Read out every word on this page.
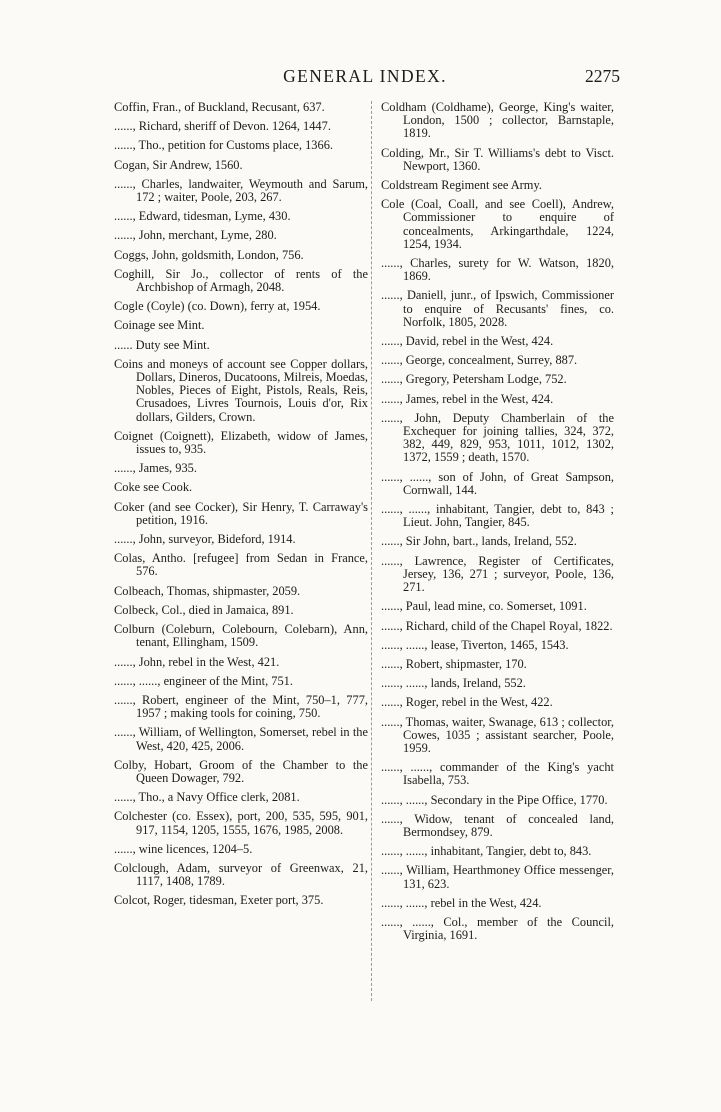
GENERAL INDEX.	2275

Coffin, Fran., of Buckland, Recusant, 637.

......, Richard, sheriff of Devon. 1264, 1447.

......, Tho., petition for Customs place, 1366.

Cogan, Sir Andrew, 1560.

......, Charles, landwaiter, Weymouth and Sarum, 172 ; waiter, Poole, 203, 267.

......, Edward, tidesman, Lyme, 430.

......, John, merchant, Lyme, 280.

Coggs, John, goldsmith, London, 756.

Coghill, Sir Jo., collector of rents of the Archbishop of Armagh, 2048.

Cogle (Coyle) (co. Down), ferry at, 1954.

Coinage see Mint.

...... Duty see Mint.

Coins and moneys of account see Copper dollars, Dollars, Dineros, Ducatoons, Milreis, Moedas, Nobles, Pieces of Eight, Pistols, Reals, Reis, Crusadoes, Livres Tournois, Louis d'or, Rix dollars, Gilders, Crown.

Coignet (Coignett), Elizabeth, widow of James, issues to, 935.

......, James, 935.

Coke see Cook.

Coker (and see Cocker), Sir Henry, T. Carraway's petition, 1916.

......, John, surveyor, Bideford, 1914.

Colas, Antho. [refugee] from Sedan in France, 576.

Colbeach, Thomas, shipmaster, 2059.

Colbeck, Col., died in Jamaica, 891.

Colburn (Coleburn, Colebourn, Colebarn), Ann, tenant, Ellingham, 1509.

......, John, rebel in the West, 421.

......, ......, engineer of the Mint, 751.

......, Robert, engineer of the Mint, 750–1, 777, 1957 ; making tools for coining, 750.

......, William, of Wellington, Somerset, rebel in the West, 420, 425, 2006.

Colby, Hobart, Groom of the Chamber to the Queen Dowager, 792.

......, Tho., a Navy Office clerk, 2081.

Colchester (co. Essex), port, 200, 535, 595, 901, 917, 1154, 1205, 1555, 1676, 1985, 2008.

......, wine licences, 1204–5.

Colclough, Adam, surveyor of Greenwax, 21, 1117, 1408, 1789.

Colcot, Roger, tidesman, Exeter port, 375.

Coldham (Coldhame), George, King's waiter, London, 1500 ; collector, Barnstaple, 1819.

Colding, Mr., Sir T. Williams's debt to Visct. Newport, 1360.

Coldstream Regiment see Army.

Cole (Coal, Coall, and see Coell), Andrew, Commissioner to enquire of concealments, Arkingarthdale, 1224, 1254, 1934.

......, Charles, surety for W. Watson, 1820, 1869.

......, Daniell, junr., of Ipswich, Commissioner to enquire of Recusants' fines, co. Norfolk, 1805, 2028.

......, David, rebel in the West, 424.

......, George, concealment, Surrey, 887.

......, Gregory, Petersham Lodge, 752.

......, James, rebel in the West, 424.

......, John, Deputy Chamberlain of the Exchequer for joining tallies, 324, 372, 382, 449, 829, 953, 1011, 1012, 1302, 1372, 1559 ; death, 1570.

......, ......, son of John, of Great Sampson, Cornwall, 144.

......, ......, inhabitant, Tangier, debt to, 843 ; Lieut. John, Tangier, 845.

......, Sir John, bart., lands, Ireland, 552.

......, Lawrence, Register of Certificates, Jersey, 136, 271 ; surveyor, Poole, 136, 271.

......, Paul, lead mine, co. Somerset, 1091.

......, Richard, child of the Chapel Royal, 1822.

......, ......, lease, Tiverton, 1465, 1543.

......, Robert, shipmaster, 170.

......, ......, lands, Ireland, 552.

......, Roger, rebel in the West, 422.

......, Thomas, waiter, Swanage, 613 ; collector, Cowes, 1035 ; assistant searcher, Poole, 1959.

......, ......, commander of the King's yacht Isabella, 753.

......, ......, Secondary in the Pipe Office, 1770.

......, Widow, tenant of concealed land, Bermondsey, 879.

......, ......, inhabitant, Tangier, debt to, 843.

......, William, Hearthmoney Office messenger, 131, 623.

......, ......, rebel in the West, 424.

......, ......, Col., member of the Council, Virginia, 1691.
